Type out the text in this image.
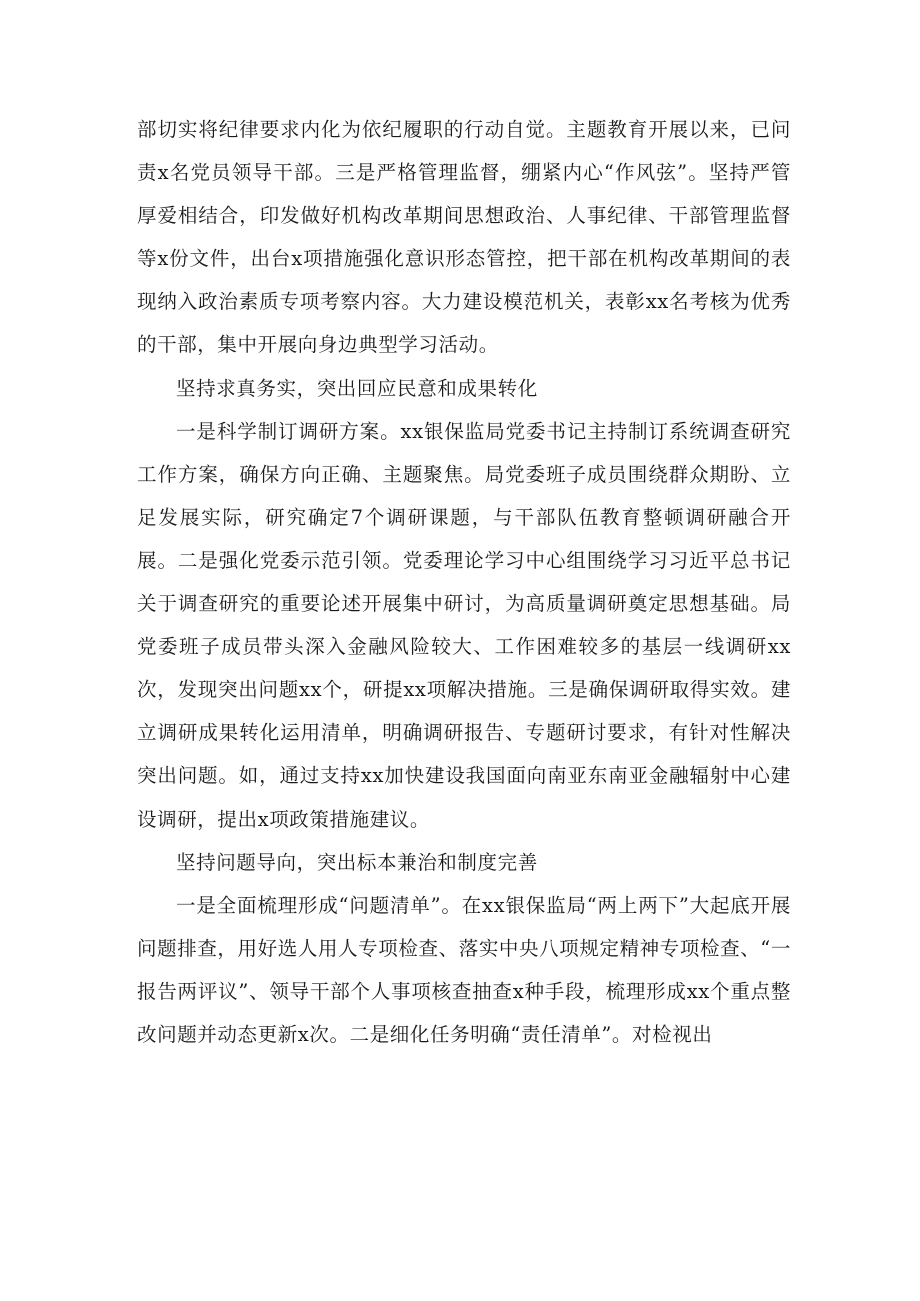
部切实将纪律要求内化为依纪履职的行动自觉。主题教育开展以来，已问责x名党员领导干部。三是严格管理监督，绷紧内心“作风弦”。坚持严管厚爱相结合，印发做好机构改革期间思想政治、人事纪律、干部管理监督等x份文件，出台x项措施强化意识形态管控，把干部在机构改革期间的表现纳入政治素质专项考察内容。大力建设模范机关，表彰xx名考核为优秀的干部，集中开展向身边典型学习活动。

坚持求真务实，突出回应民意和成果转化

一是科学制订调研方案。xx银保监局党委书记主持制订系统调查研究工作方案，确保方向正确、主题聚焦。局党委班子成员围绕群众期盼、立足发展实际，研究确定7个调研课题，与干部队伍教育整顿调研融合开展。二是强化党委示范引领。党委理论学习中心组围绕学习习近平总书记关于调查研究的重要论述开展集中研讨，为高质量调研奠定思想基础。局党委班子成员带头深入金融风险较大、工作困难较多的基层一线调研xx次，发现突出问题xx个，研提xx项解决措施。三是确保调研取得实效。建立调研成果转化运用清单，明确调研报告、专题研讨要求，有针对性解决突出问题。如，通过支持xx加快建设我国面向南亚东南亚金融辐射中心建设调研，提出x项政策措施建议。

坚持问题导向，突出标本兼治和制度完善

一是全面梳理形成“问题清单”。在xx银保监局“两上两下”大起底开展问题排查，用好选人用人专项检查、落实中央八项规定精神专项检查、“一报告两评议”、领导干部个人事项核查抽查x种手段，梳理形成xx个重点整改问题并动态更新x次。二是细化任务明确“责任清单”。对检视出
